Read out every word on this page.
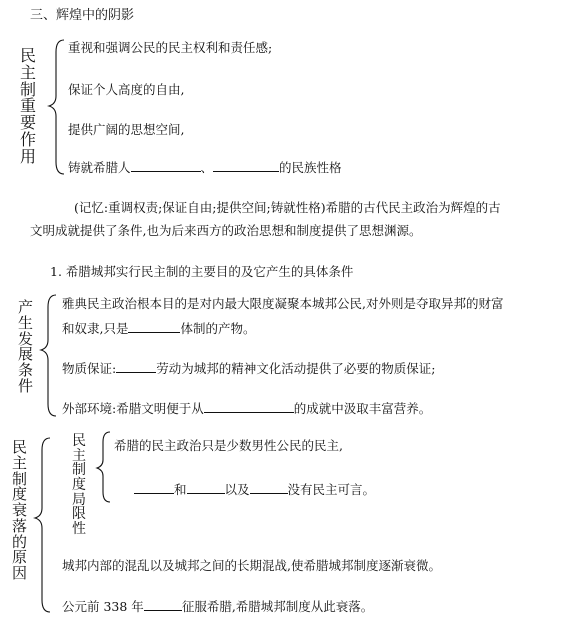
三、辉煌中的阴影
民
主
制
重
要
作
用
重视和强调公民的民主权利和责任感;
保证个人高度的自由,
提供广阔的思想空间,
铸就希腊人	、	的民族性格
(记忆:重调权责;保证自由;提供空间;铸就性格)希腊的古代民主政治为辉煌的古
文明成就提供了条件,也为后来西方的政治思想和制度提供了思想渊源。
1. 希腊城邦实行民主制的主要目的及它产生的具体条件
产
生
发
展
条
件
雅典民主政治根本目的是对内最大限度凝聚本城邦公民,对外则是夺取异邦的财富
和奴隶,只是	体制的产物。
物质保证:	劳动为城邦的精神文化活动提供了必要的物质保证;
外部环境:希腊文明便于从	的成就中汲取丰富营养。
民
主
制
度
衰
落
的
原
因
民
主
制
度
局
限
性
希腊的民主政治只是少数男性公民的民主,
和	以及	没有民主可言。
城邦内部的混乱以及城邦之间的长期混战,使希腊城邦制度逐渐衰微。
公元前 338 年	征服希腊,希腊城邦制度从此衰落。
